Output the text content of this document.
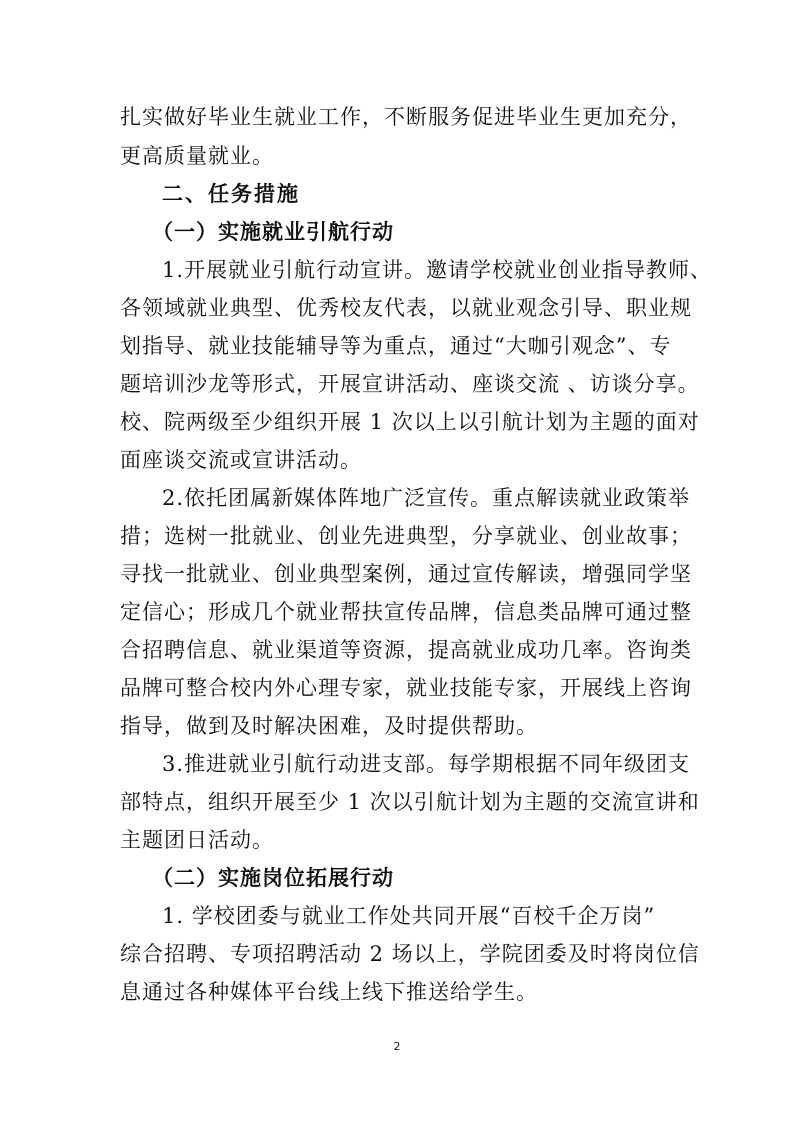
扎实做好毕业生就业工作，不断服务促进毕业生更加充分，
更高质量就业。
二、任务措施
（一）实施就业引航行动
1.开展就业引航行动宣讲。邀请学校就业创业指导教师、
各领域就业典型、优秀校友代表，以就业观念引导、职业规
划指导、就业技能辅导等为重点，通过“大咖引观念”、专
题培训沙龙等形式，开展宣讲活动、座谈交流 、访谈分享。
校、院两级至少组织开展 1 次以上以引航计划为主题的面对
面座谈交流或宣讲活动。
2.依托团属新媒体阵地广泛宣传。重点解读就业政策举
措；选树一批就业、创业先进典型，分享就业、创业故事；
寻找一批就业、创业典型案例，通过宣传解读，增强同学坚
定信心；形成几个就业帮扶宣传品牌，信息类品牌可通过整
合招聘信息、就业渠道等资源，提高就业成功几率。咨询类
品牌可整合校内外心理专家，就业技能专家，开展线上咨询
指导，做到及时解决困难，及时提供帮助。
3.推进就业引航行动进支部。每学期根据不同年级团支
部特点，组织开展至少 1 次以引航计划为主题的交流宣讲和
主题团日活动。
（二）实施岗位拓展行动
1. 学校团委与就业工作处共同开展“百校千企万岗”
综合招聘、专项招聘活动 2 场以上，学院团委及时将岗位信
息通过各种媒体平台线上线下推送给学生。
2
